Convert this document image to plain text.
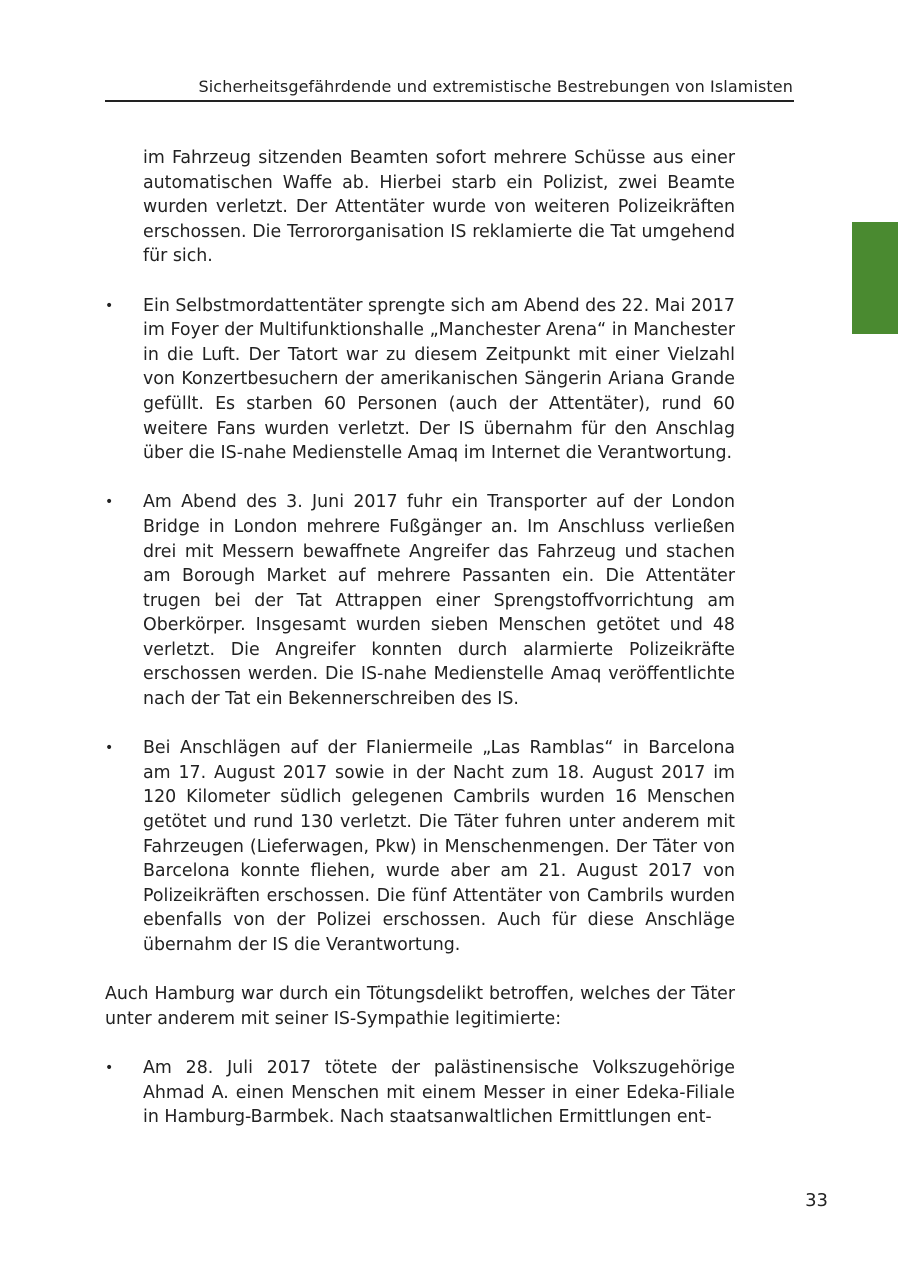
Sicherheitsgefährdende und extremistische Bestrebungen von Islamisten

im Fahrzeug sitzenden Beamten sofort mehrere Schüsse aus einer automatischen Waffe ab. Hierbei starb ein Polizist, zwei Beamte wurden verletzt. Der Attentäter wurde von weiteren Polizeikräften erschossen. Die Terrororganisation IS reklamierte die Tat umgehend für sich.

• Ein Selbstmordattentäter sprengte sich am Abend des 22. Mai 2017 im Foyer der Multifunktionshalle „Manchester Arena“ in Manchester in die Luft. Der Tatort war zu diesem Zeitpunkt mit einer Vielzahl von Konzertbesuchern der amerikanischen Sängerin Ariana Grande gefüllt. Es starben 60 Personen (auch der Attentäter), rund 60 weitere Fans wurden verletzt. Der IS übernahm für den Anschlag über die IS-nahe Medienstelle Amaq im Internet die Verantwortung.

• Am Abend des 3. Juni 2017 fuhr ein Transporter auf der London Bridge in London mehrere Fußgänger an. Im Anschluss verließen drei mit Messern bewaffnete Angreifer das Fahrzeug und stachen am Borough Market auf mehrere Passanten ein. Die Attentäter trugen bei der Tat Attrappen einer Sprengstoffvorrichtung am Oberkörper. Insgesamt wurden sieben Menschen getötet und 48 verletzt. Die Angreifer konnten durch alarmierte Polizeikräfte erschossen werden. Die IS-nahe Medienstelle Amaq veröffentlichte nach der Tat ein Bekennerschreiben des IS.

• Bei Anschlägen auf der Flaniermeile „Las Ramblas“ in Barcelona am 17. August 2017 sowie in der Nacht zum 18. August 2017 im 120 Kilometer südlich gelegenen Cambrils wurden 16 Menschen getötet und rund 130 verletzt. Die Täter fuhren unter anderem mit Fahrzeugen (Lieferwagen, Pkw) in Menschenmengen. Der Täter von Barcelona konnte fliehen, wurde aber am 21. August 2017 von Polizeikräften erschossen. Die fünf Attentäter von Cambrils wurden ebenfalls von der Polizei erschossen. Auch für diese Anschläge übernahm der IS die Verantwortung.

Auch Hamburg war durch ein Tötungsdelikt betroffen, welches der Täter unter anderem mit seiner IS-Sympathie legitimierte:

• Am 28. Juli 2017 tötete der palästinensische Volkszugehörige Ahmad A. einen Menschen mit einem Messer in einer Edeka-Filiale in Hamburg-Barmbek. Nach staatsanwaltlichen Ermittlungen ent-

33
